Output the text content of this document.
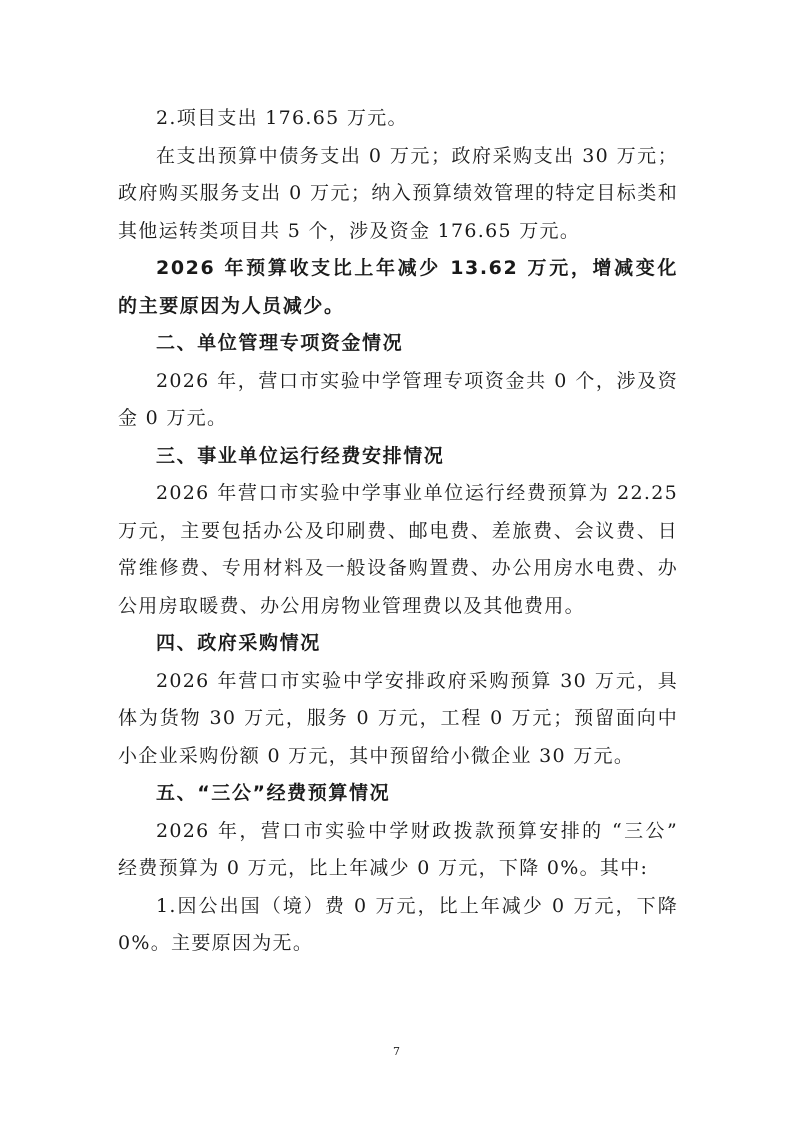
2.项目支出 176.65 万元。

在支出预算中债务支出 0 万元；政府采购支出 30 万元；政府购买服务支出 0 万元；纳入预算绩效管理的特定目标类和其他运转类项目共 5 个，涉及资金 176.65 万元。

2026 年预算收支比上年减少 13.62 万元，增减变化的主要原因为人员减少。

二、单位管理专项资金情况

2026 年，营口市实验中学管理专项资金共 0 个，涉及资金 0 万元。

三、事业单位运行经费安排情况

2026 年营口市实验中学事业单位运行经费预算为 22.25 万元，主要包括办公及印刷费、邮电费、差旅费、会议费、日常维修费、专用材料及一般设备购置费、办公用房水电费、办公用房取暖费、办公用房物业管理费以及其他费用。

四、政府采购情况

2026 年营口市实验中学安排政府采购预算 30 万元，具体为货物 30 万元，服务 0 万元，工程 0 万元；预留面向中小企业采购份额 0 万元，其中预留给小微企业 30 万元。

五、“三公”经费预算情况

2026 年，营口市实验中学财政拨款预算安排的 “三公” 经费预算为 0 万元，比上年减少 0 万元，下降 0%。其中:

1.因公出国（境）费 0 万元，比上年减少 0 万元，下降 0%。主要原因为无。

7
